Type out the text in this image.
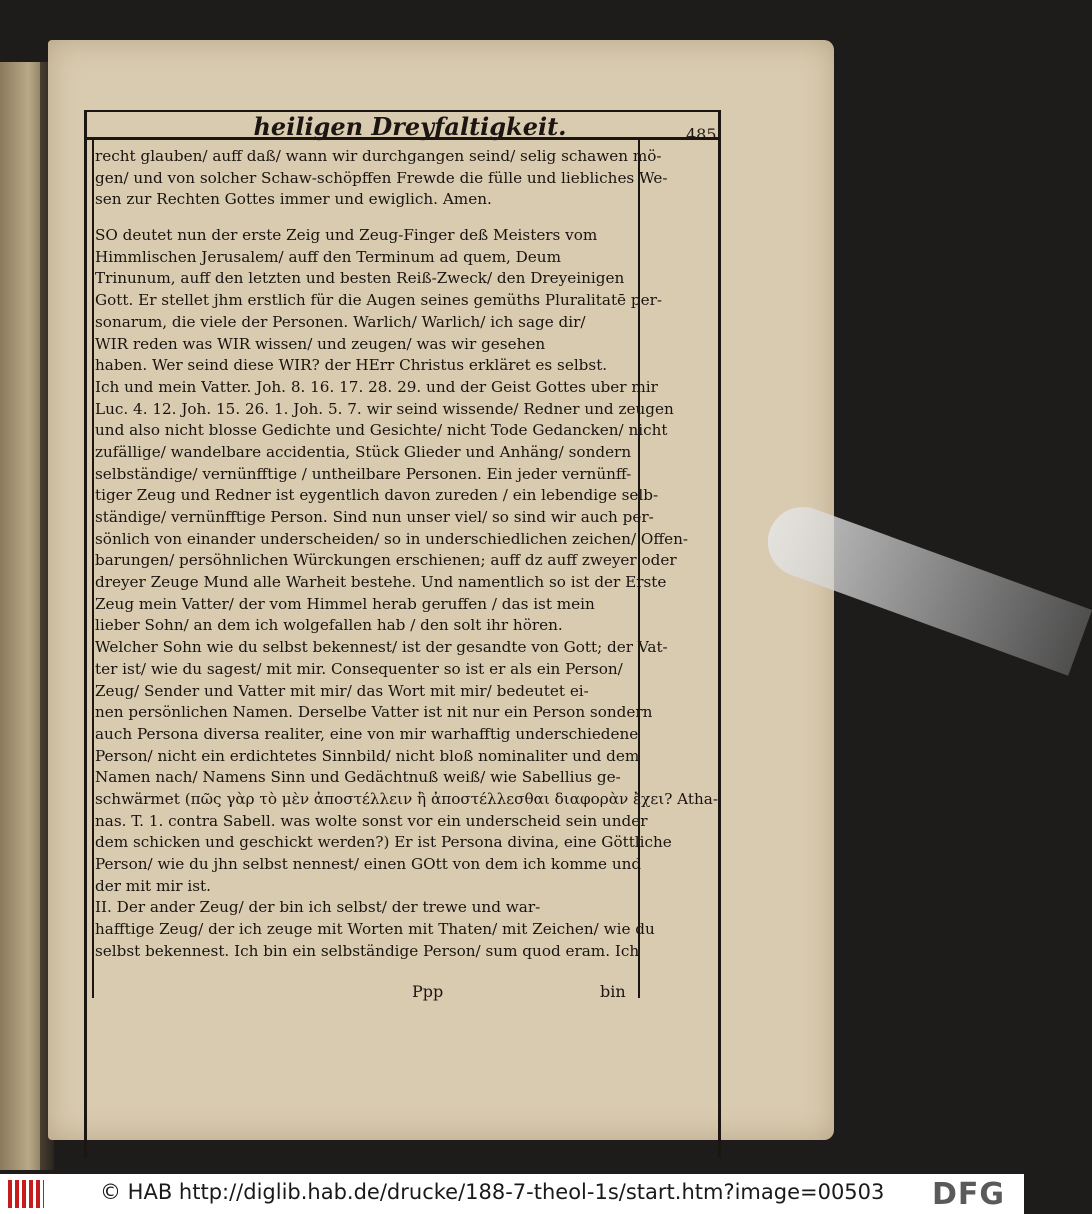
heiligen Dreyfaltigkeit.	485
recht glauben/ auff daß/ wann wir durchgangen seind/ selig schawen mö-
gen/ und von solcher Schaw-schöpffen Frewde die fülle und liebliches We-
sen zur Rechten Gottes immer und ewiglich. Amen.
SO deutet nun der erste Zeig und Zeug-Finger deß Meisters vom
Himmlischen Jerusalem/ auff den Terminum ad quem, Deum
Trinunum, auff den letzten und besten Reiß-Zweck/ den Dreyeinigen
Gott. Er stellet jhm erstlich für die Augen seines gemüths Pluralitatē per-
sonarum, die viele der Personen. Warlich/ Warlich/ ich sage dir/
WIR reden was WIR wissen/ und zeugen/ was wir gesehen
haben. Wer seind diese WIR? der HErr Christus erkläret es selbst.
Ich und mein Vatter. Joh. 8. 16. 17. 28. 29. und der Geist Gottes uber mir
Luc. 4. 12. Joh. 15. 26. 1. Joh. 5. 7. wir seind wissende/ Redner und zeugen
und also nicht blosse Gedichte und Gesichte/ nicht Tode Gedancken/ nicht
zufällige/ wandelbare accidentia, Stück Glieder und Anhäng/ sondern
selbständige/ vernünfftige / untheilbare Personen. Ein jeder vernünff-
tiger Zeug und Redner ist eygentlich davon zureden / ein lebendige selb-
ständige/ vernünfftige Person. Sind nun unser viel/ so sind wir auch per-
sönlich von einander underscheiden/ so in underschiedlichen zeichen/ Offen-
barungen/ persöhnlichen Würckungen erschienen; auff dz auff zweyer oder
dreyer Zeuge Mund alle Warheit bestehe. Und namentlich so ist der Erste
Zeug mein Vatter/ der vom Himmel herab geruffen / das ist mein
lieber Sohn/ an dem ich wolgefallen hab / den solt ihr hören.
Welcher Sohn wie du selbst bekennest/ ist der gesandte von Gott; der Vat-
ter ist/ wie du sagest/ mit mir. Consequenter so ist er als ein Person/
Zeug/ Sender und Vatter mit mir/ das Wort mit mir/ bedeutet ei-
nen persönlichen Namen. Derselbe Vatter ist nit nur ein Person sondern
auch Persona diversa realiter, eine von mir warhafftig underschiedene
Person/ nicht ein erdichtetes Sinnbild/ nicht bloß nominaliter und dem
Namen nach/ Namens Sinn und Gedächtnuß weiß/ wie Sabellius ge-
schwärmet (πῶς γὰρ τὸ μὲν ἀποστέλλειν ἢ ἀποστέλλεσθαι διαφορὰν ἔχει? Atha-
nas. T. 1. contra Sabell. was wolte sonst vor ein underscheid sein under
dem schicken und geschickt werden?) Er ist Persona divina, eine Göttliche
Person/ wie du jhn selbst nennest/ einen GOtt von dem ich komme und
der mit mir ist.
II. Der ander Zeug/ der bin ich selbst/ der trewe und war-
hafftige Zeug/ der ich zeuge mit Worten mit Thaten/ mit Zeichen/ wie du
selbst bekennest. Ich bin ein selbständige Person/ sum quod eram. Ich
Ppp	bin
© HAB http://diglib.hab.de/drucke/188-7-theol-1s/start.htm?image=00503 DFG
